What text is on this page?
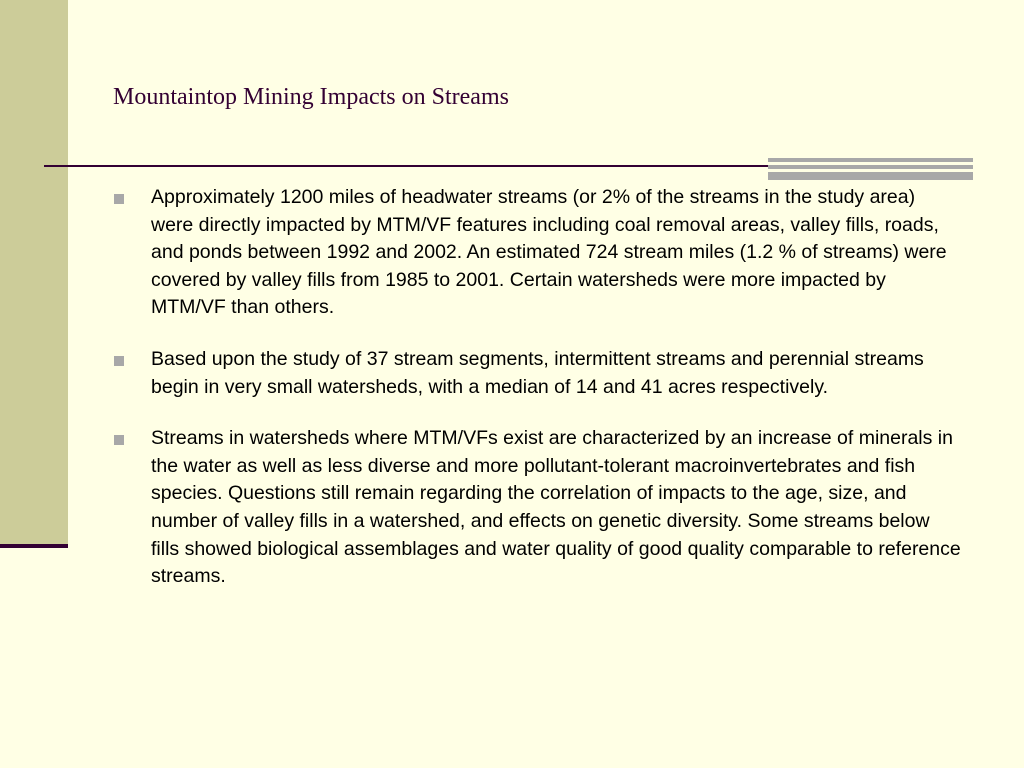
Mountaintop Mining Impacts on Streams
Approximately 1200 miles of headwater streams (or 2% of the streams in the study area) were directly impacted by MTM/VF features including coal removal areas, valley fills, roads, and ponds between 1992 and 2002. An estimated 724 stream miles (1.2 % of streams) were covered by valley fills from 1985 to 2001. Certain watersheds were more impacted by MTM/VF than others.
Based upon the study of 37 stream segments, intermittent streams and perennial streams begin in very small watersheds, with a median of 14 and 41 acres respectively.
Streams in watersheds where MTM/VFs exist are characterized by an increase of minerals in the water as well as less diverse and more pollutant-tolerant macroinvertebrates and fish species. Questions still remain regarding the correlation of impacts to the age, size, and number of valley fills in a watershed, and effects on genetic diversity. Some streams below fills showed biological assemblages and water quality of good quality comparable to reference streams.
